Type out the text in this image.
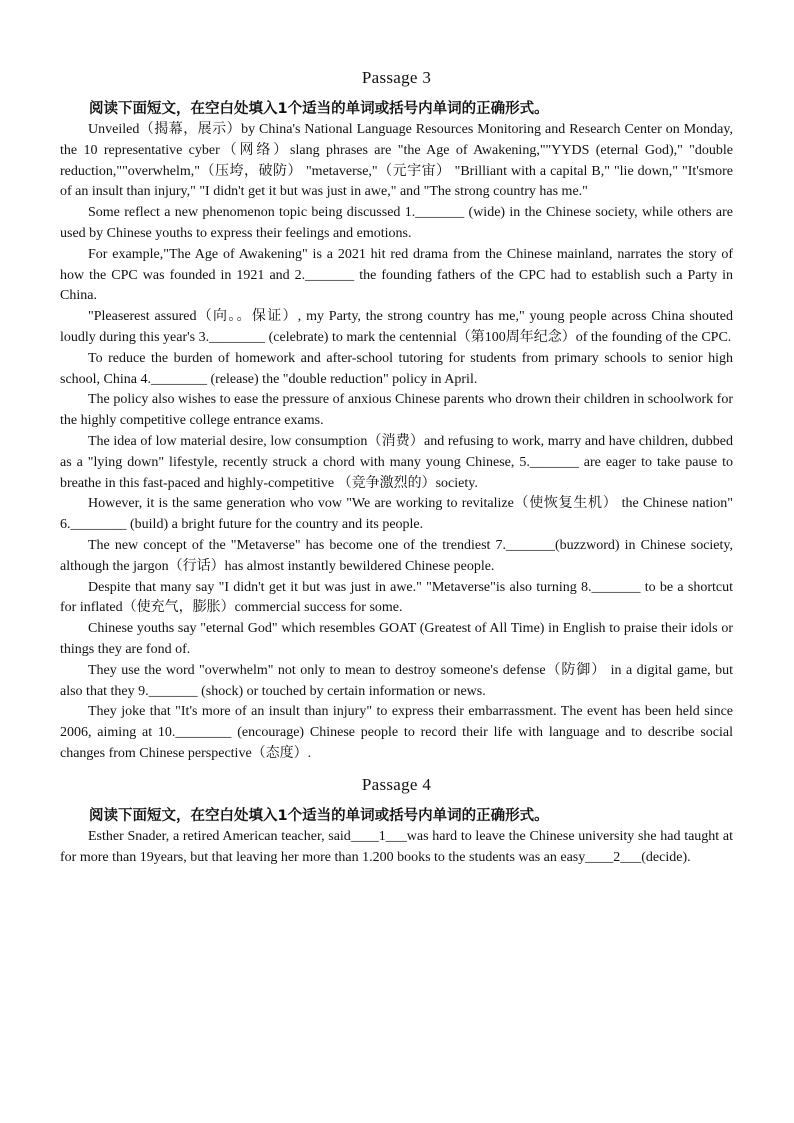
Passage 3

阅读下面短文，在空白处填入1个适当的单词或括号内单词的正确形式。

Unveiled（揭幕，展示）by China's National Language Resources Monitoring and Research Center on Monday, the 10 representative cyber（网络）slang phrases are "the Age of Awakening,""YYDS (eternal God)," "double reduction,""overwhelm,"（压垮，破防） "metaverse,"（元宇宙） "Brilliant with a capital B," "lie down," "It'smore of an insult than injury," "I didn't get it but was just in awe," and "The strong country has me."

Some reflect a new phenomenon topic being discussed 1._______ (wide) in the Chinese society, while others are used by Chinese youths to express their feelings and emotions.

For example,"The Age of Awakening" is a 2021 hit red drama from the Chinese mainland, narrates the story of how the CPC was founded in 1921 and 2._______ the founding fathers of the CPC had to establish such a Party in China.

"Pleaserest assured（向。。保证）, my Party, the strong country has me," young people across China shouted loudly during this year's 3.________ (celebrate) to mark the centennial（第100周年纪念）of the founding of the CPC.

To reduce the burden of homework and after-school tutoring for students from primary schools to senior high school, China 4.________ (release) the "double reduction" policy in April.

The policy also wishes to ease the pressure of anxious Chinese parents who drown their children in schoolwork for the highly competitive college entrance exams.

The idea of low material desire, low consumption（消费）and refusing to work, marry and have children, dubbed as a "lying down" lifestyle, recently struck a chord with many young Chinese, 5._______ are eager to take pause to breathe in this fast-paced and highly-competitive （竞争激烈的）society.

However, it is the same generation who vow "We are working to revitalize（使恢复生机） the Chinese nation" 6.________ (build) a bright future for the country and its people.

The new concept of the "Metaverse" has become one of the trendiest 7._______(buzzword) in Chinese society, although the jargon（行话）has almost instantly bewildered Chinese people.

Despite that many say "I didn't get it but was just in awe." "Metaverse"is also turning 8._______ to be a shortcut for inflated（使充气，膨胀）commercial success for some.

Chinese youths say "eternal God" which resembles GOAT (Greatest of All Time) in English to praise their idols or things they are fond of.

They use the word "overwhelm" not only to mean to destroy someone's defense（防御） in a digital game, but also that they 9._______ (shock) or touched by certain information or news.

They joke that "It's more of an insult than injury" to express their embarrassment. The event has been held since 2006, aiming at 10.________ (encourage) Chinese people to record their life with language and to describe social changes from Chinese perspective（态度）.

Passage 4

阅读下面短文，在空白处填入1个适当的单词或括号内单词的正确形式。

Esther Snader, a retired American teacher, said____1___was hard to leave the Chinese university she had taught at for more than 19years, but that leaving her more than 1.200 books to the students was an easy____2___(decide).
